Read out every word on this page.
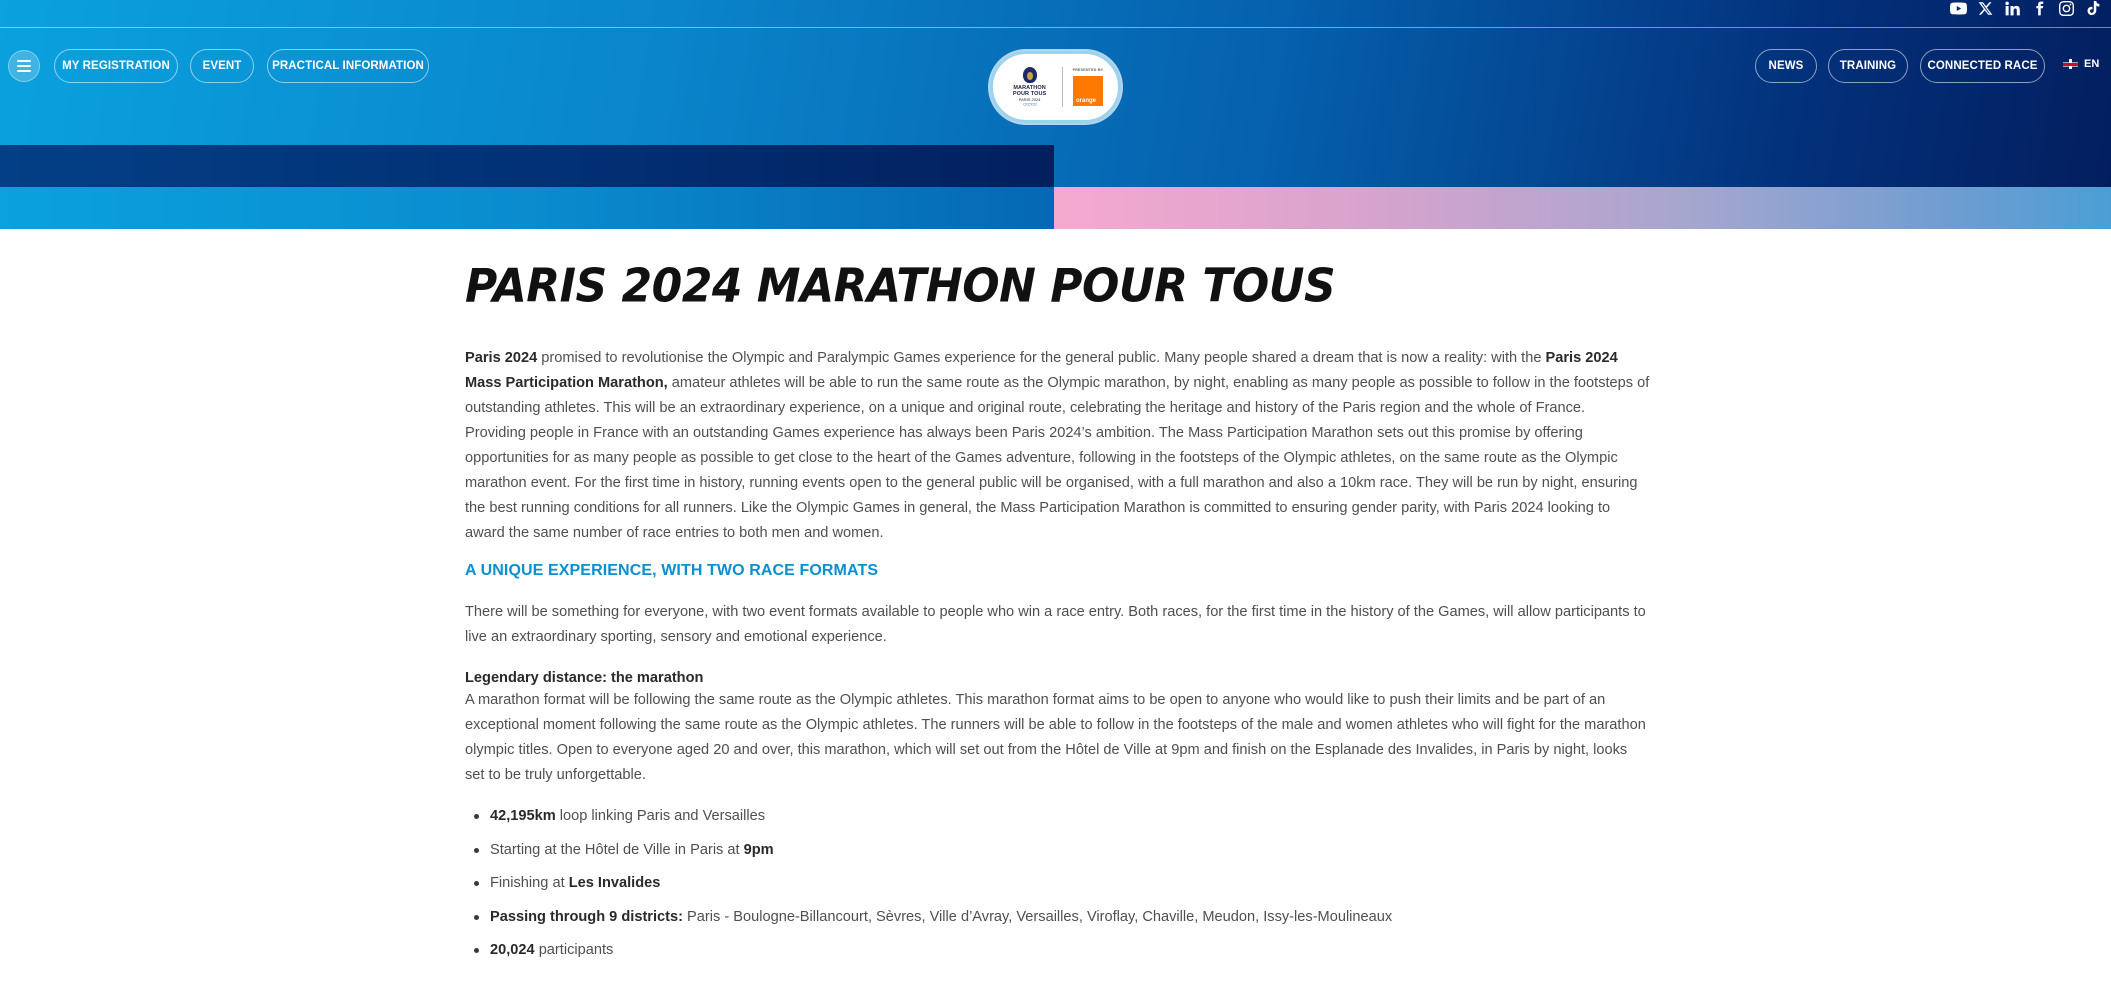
MY REGISTRATION	EVENT	PRACTICAL INFORMATION
MARATHON
POUR TOUS
PARIS 2024
○○○○○
PRESENTED BY
orange
NEWS	TRAINING	CONNECTED RACE	EN
PARIS 2024 MARATHON POUR TOUS

Paris 2024 promised to revolutionise the Olympic and Paralympic Games experience for the general public. Many people shared a dream that is now a reality: with the Paris 2024 Mass Participation Marathon, amateur athletes will be able to run the same route as the Olympic marathon, by night, enabling as many people as possible to follow in the footsteps of outstanding athletes. This will be an extraordinary experience, on a unique and original route, celebrating the heritage and history of the Paris region and the whole of France.

Providing people in France with an outstanding Games experience has always been Paris 2024’s ambition. The Mass Participation Marathon sets out this promise by offering opportunities for as many people as possible to get close to the heart of the Games adventure, following in the footsteps of the Olympic athletes, on the same route as the Olympic marathon event. For the first time in history, running events open to the general public will be organised, with a full marathon and also a 10km race. They will be run by night, ensuring the best running conditions for all runners. Like the Olympic Games in general, the Mass Participation Marathon is committed to ensuring gender parity, with Paris 2024 looking to award the same number of race entries to both men and women.

A UNIQUE EXPERIENCE, WITH TWO RACE FORMATS

There will be something for everyone, with two event formats available to people who win a race entry. Both races, for the first time in the history of the Games, will allow participants to live an extraordinary sporting, sensory and emotional experience.

Legendary distance: the marathon

A marathon format will be following the same route as the Olympic athletes. This marathon format aims to be open to anyone who would like to push their limits and be part of an exceptional moment following the same route as the Olympic athletes. The runners will be able to follow in the footsteps of the male and women athletes who will fight for the marathon olympic titles. Open to everyone aged 20 and over, this marathon, which will set out from the Hôtel de Ville at 9pm and finish on the Esplanade des Invalides, in Paris by night, looks set to be truly unforgettable.

42,195km loop linking Paris and Versailles
Starting at the Hôtel de Ville in Paris at 9pm
Finishing at Les Invalides
Passing through 9 districts: Paris - Boulogne-Billancourt, Sèvres, Ville d’Avray, Versailles, Viroflay, Chaville, Meudon, Issy-les-Moulineaux
20,024 participants
